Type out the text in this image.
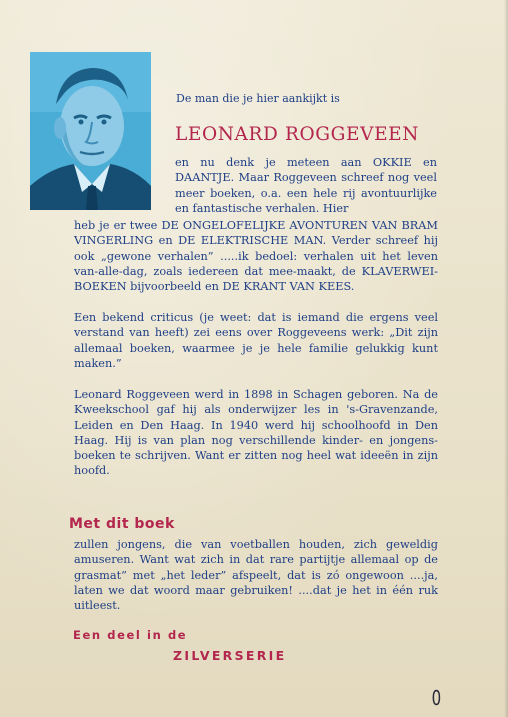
De man die je hier aankijkt is

LEONARD ROGGEVEEN

en nu denk je meteen aan OKKIE en DAANTJE. Maar Roggeveen schreef nog veel meer boeken, o.a. een hele rij avontuurlijke en fantastische verhalen. Hier

heb je er twee DE ONGELOFELIJKE AVONTUREN VAN BRAM VINGERLING en DE ELEKTRISCHE MAN. Verder schreef hij ook „gewone verhalen” .....ik bedoel: verhalen uit het leven van-alle-dag, zoals iedereen dat mee-maakt, de KLAVERWEI-BOEKEN bijvoorbeeld en DE KRANT VAN KEES.

Een bekend criticus (je weet: dat is iemand die ergens veel verstand van heeft) zei eens over Roggeveens werk: „Dit zijn allemaal boeken, waarmee je je hele familie gelukkig kunt maken.”

Leonard Roggeveen werd in 1898 in Schagen geboren. Na de Kweekschool gaf hij als onderwijzer les in 's-Gravenzande, Leiden en Den Haag. In 1940 werd hij schoolhoofd in Den Haag. Hij is van plan nog verschillende kinder- en jongens-boeken te schrijven. Want er zitten nog heel wat ideeën in zijn hoofd.

Met dit boek

zullen jongens, die van voetballen houden, zich geweldig amuseren. Want wat zich in dat rare partijtje allemaal op de grasmat” met „het leder” afspeelt, dat is zó ongewoon ....ja, laten we dat woord maar gebruiken! ....dat je het in één ruk uitleest.

Een deel in de
ZILVERSERIE
0
